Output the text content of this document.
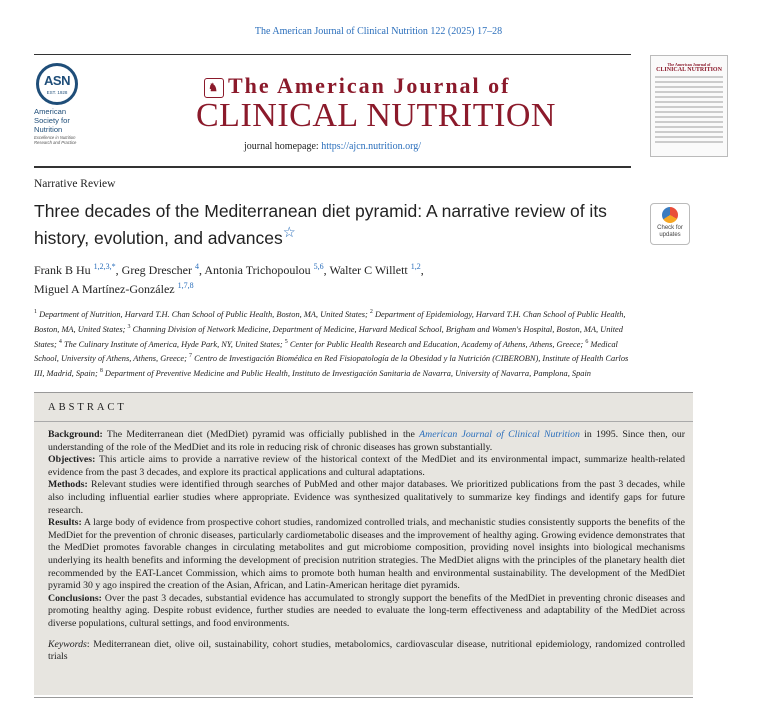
The American Journal of Clinical Nutrition 122 (2025) 17–28
ASN
EST. 1928
American Society for Nutrition
Excellence in Nutrition Research and Practice
♞ The American Journal of
CLINICAL NUTRITION
journal homepage: https://ajcn.nutrition.org/
The American Journal of
CLINICAL NUTRITION
Narrative Review
Three decades of the Mediterranean diet pyramid: A narrative review of its history, evolution, and advances☆	Check for updates
Frank B Hu $^{1,2,3,*}$, Greg Drescher $^4$, Antonia Trichopoulou $^{5,6}$, Walter C Willett $^{1,2}$,
Miguel A Martínez-González $^{1,7,8}$
$^1$ Department of Nutrition, Harvard T.H. Chan School of Public Health, Boston, MA, United States; $^2$ Department of Epidemiology, Harvard T.H. Chan School of Public Health, Boston, MA, United States; $^3$ Channing Division of Network Medicine, Department of Medicine, Harvard Medical School, Brigham and Women's Hospital, Boston, MA, United States; $^4$ The Culinary Institute of America, Hyde Park, NY, United States; $^5$ Center for Public Health Research and Education, Academy of Athens, Athens, Greece; $^6$ Medical School, University of Athens, Athens, Greece; $^7$ Centro de Investigación Biomédica en Red Fisiopatología de la Obesidad y la Nutrición (CIBEROBN), Institute of Health Carlos III, Madrid, Spain; $^8$ Department of Preventive Medicine and Public Health, Instituto de Investigación Sanitaria de Navarra, University of Navarra, Pamplona, Spain
ABSTRACT

Background: The Mediterranean diet (MedDiet) pyramid was officially published in the American Journal of Clinical Nutrition in 1995. Since then, our understanding of the role of the MedDiet and its role in reducing risk of chronic diseases has grown substantially.

Objectives: This article aims to provide a narrative review of the historical context of the MedDiet and its environmental impact, summarize health-related evidence from the past 3 decades, and explore its practical applications and cultural adaptations.

Methods: Relevant studies were identified through searches of PubMed and other major databases. We prioritized publications from the past 3 decades, while also including influential earlier studies where appropriate. Evidence was synthesized qualitatively to summarize key findings and identify gaps for future research.

Results: A large body of evidence from prospective cohort studies, randomized controlled trials, and mechanistic studies consistently supports the benefits of the MedDiet for the prevention of chronic diseases, particularly cardiometabolic diseases and the improvement of healthy aging. Growing evidence demonstrates that the MedDiet promotes favorable changes in circulating metabolites and gut microbiome composition, providing novel insights into biological mechanisms underlying its health benefits and informing the development of precision nutrition strategies. The MedDiet aligns with the principles of the planetary health diet recommended by the EAT-Lancet Commission, which aims to promote both human health and environmental sustainability. The development of the MedDiet pyramid 30 y ago inspired the creation of the Asian, African, and Latin-American heritage diet pyramids.

Conclusions: Over the past 3 decades, substantial evidence has accumulated to strongly support the benefits of the MedDiet in preventing chronic diseases and promoting healthy aging. Despite robust evidence, further studies are needed to evaluate the long-term effectiveness and adaptability of the MedDiet across diverse populations, cultural settings, and food environments.

Keywords: Mediterranean diet, olive oil, sustainability, cohort studies, metabolomics, cardiovascular disease, nutritional epidemiology, randomized controlled trials
